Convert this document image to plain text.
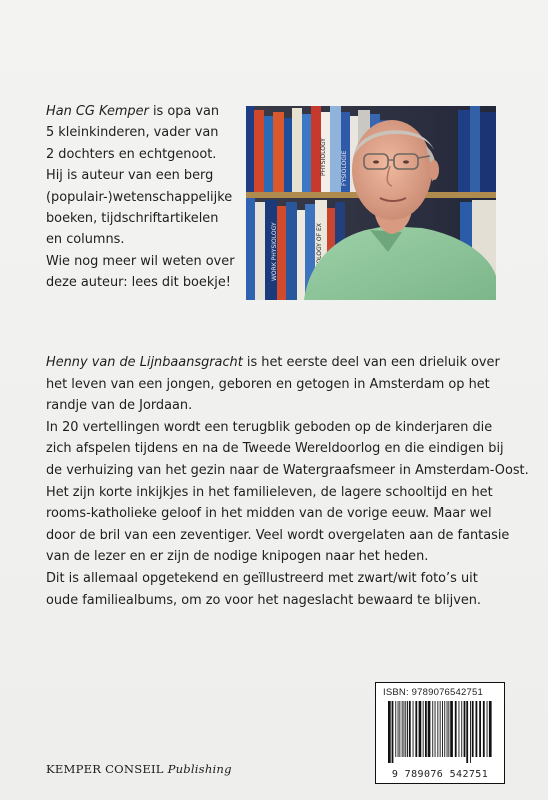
Han CG Kemper is opa van
5 kleinkinderen, vader van
2 dochters en echtgenoot.
Hij is auteur van een berg
(populair-)wetenschappelijke
boeken, tijdschriftartikelen
en columns.
Wie nog meer wil weten over
deze auteur: lees dit boekje!

PHYSIOLOGY FYSIOLOGIE
WORK PHYSIOLOGY	PHYSIOLOGY OF EX
Henny van de Lijnbaansgracht is het eerste deel van een drieluik over
het leven van een jongen, geboren en getogen in Amsterdam op het
randje van de Jordaan.
In 20 vertellingen wordt een terugblik geboden op de kinderjaren die
zich afspelen tijdens en na de Tweede Wereldoorlog en die eindigen bij
de verhuizing van het gezin naar de Watergraafsmeer in Amsterdam-Oost.
Het zijn korte inkijkjes in het familieleven, de lagere schooltijd en het
rooms-katholieke geloof in het midden van de vorige eeuw. Maar wel
door de bril van een zeventiger. Veel wordt overgelaten aan de fantasie
van de lezer en er zijn de nodige knipogen naar het heden.
Dit is allemaal opgetekend en geïllustreerd met zwart/wit foto’s uit
oude familiealbums, om zo voor het nageslacht bewaard te blijven.
ISBN: 9789076542751
9 789076 542751
KEMPER CONSEIL Publishing
